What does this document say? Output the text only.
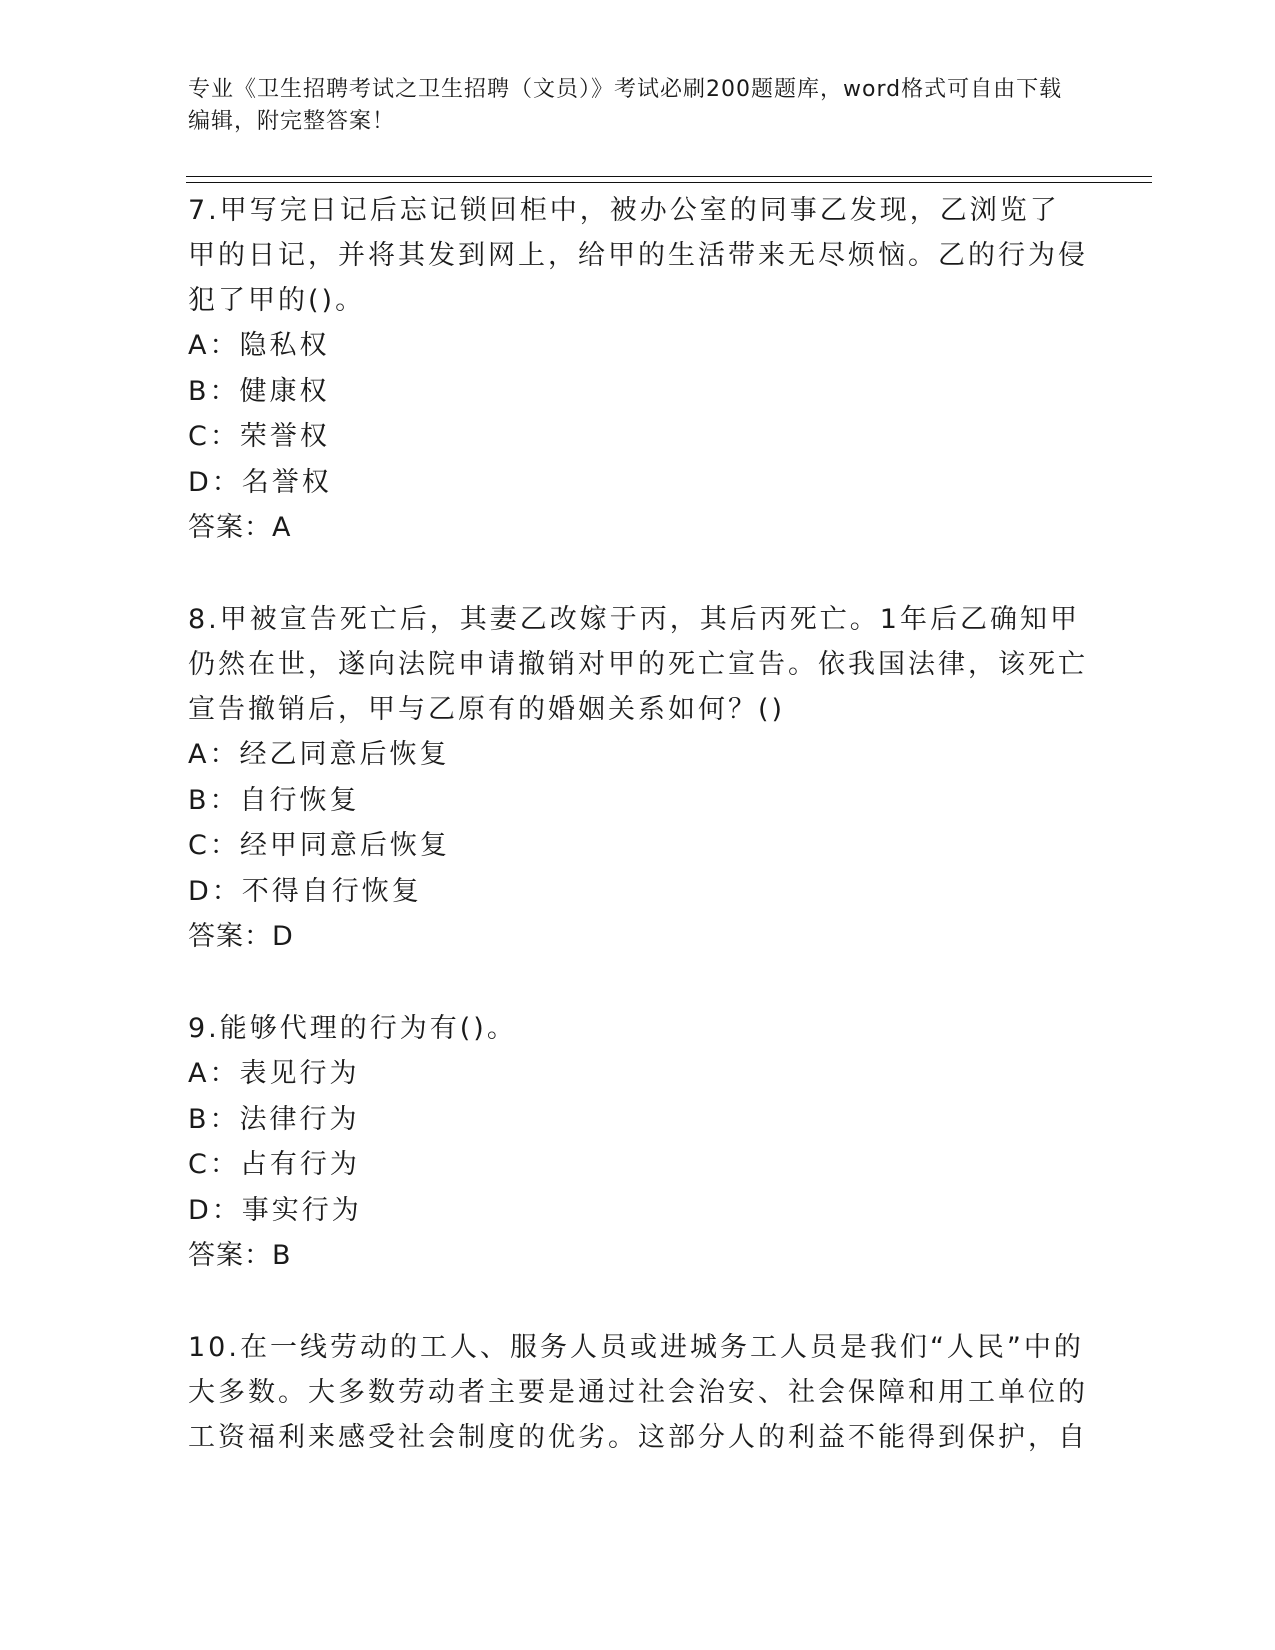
专业《卫生招聘考试之卫生招聘（文员）》考试必刷200题题库，word格式可自由下载编辑，附完整答案！
7.甲写完日记后忘记锁回柜中，被办公室的同事乙发现，乙浏览了甲的日记，并将其发到网上，给甲的生活带来无尽烦恼。乙的行为侵犯了甲的()。
A：隐私权
B：健康权
C：荣誉权
D：名誉权
答案：A
8.甲被宣告死亡后，其妻乙改嫁于丙，其后丙死亡。1年后乙确知甲仍然在世，遂向法院申请撤销对甲的死亡宣告。依我国法律，该死亡宣告撤销后，甲与乙原有的婚姻关系如何？()
A：经乙同意后恢复
B：自行恢复
C：经甲同意后恢复
D：不得自行恢复
答案：D
9.能够代理的行为有()。
A：表见行为
B：法律行为
C：占有行为
D：事实行为
答案：B
10.在一线劳动的工人、服务人员或进城务工人员是我们“人民”中的大多数。大多数劳动者主要是通过社会治安、社会保障和用工单位的工资福利来感受社会制度的优劣。这部分人的利益不能得到保护，自
